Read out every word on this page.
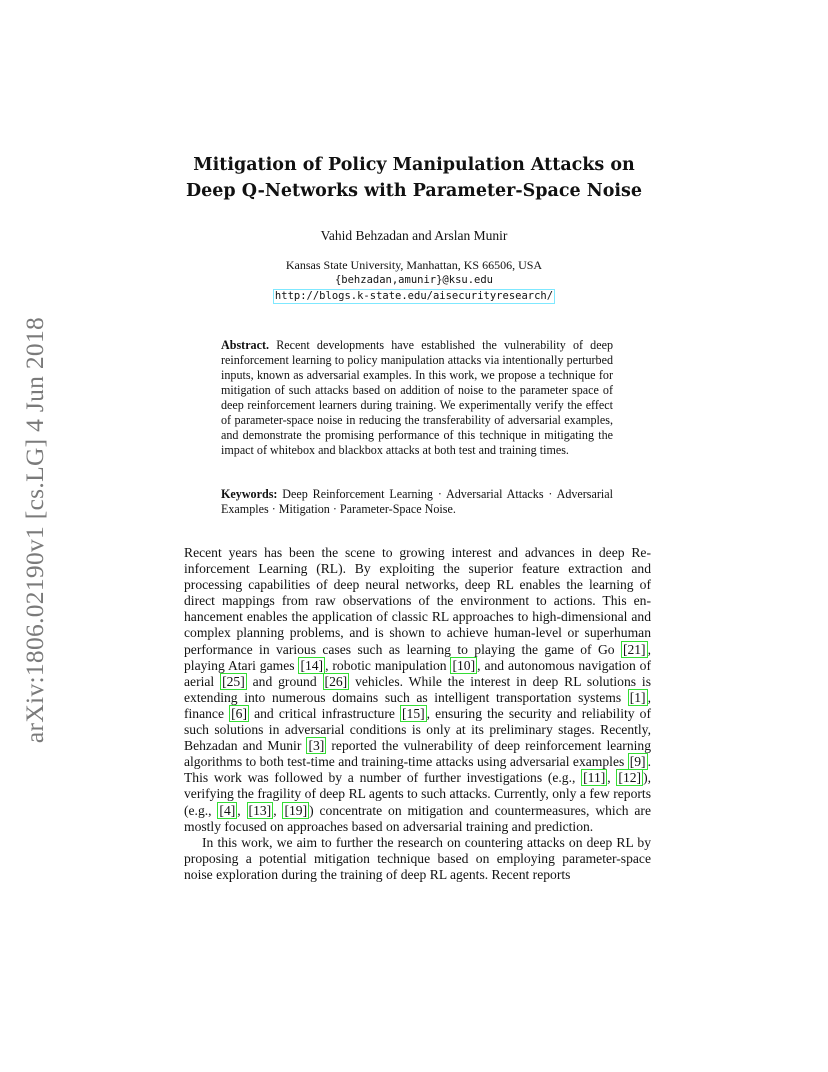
arXiv:1806.02190v1 [cs.LG] 4 Jun 2018
Mitigation of Policy Manipulation Attacks on
Deep Q-Networks with Parameter-Space Noise
Vahid Behzadan and Arslan Munir
Kansas State University, Manhattan, KS 66506, USA
{behzadan,amunir}@ksu.edu
http://blogs.k-state.edu/aisecurityresearch/
Abstract. Recent developments have established the vulnerability of deep reinforcement learning to policy manipulation attacks via intentionally perturbed inputs, known as adversarial examples. In this work, we propose a technique for mitigation of such attacks based on addition of noise to the parameter space of deep reinforcement learners during training. We experimentally verify the effect of parameter-space noise in reducing the transferability of adversarial examples, and demonstrate the promising performance of this technique in mitigating the impact of whitebox and blackbox attacks at both test and training times.
Keywords: Deep Reinforcement Learning · Adversarial Attacks · Adversarial Examples · Mitigation · Parameter-Space Noise.

Recent years has been the scene to growing interest and advances in deep Reinforcement Learning (RL). By exploiting the superior feature extraction and processing capabilities of deep neural networks, deep RL enables the learning of direct mappings from raw observations of the environment to actions. This enhancement enables the application of classic RL approaches to high-dimensional and complex planning problems, and is shown to achieve human-level or superhuman performance in various cases such as learning to playing the game of Go [21] , playing Atari games [14] , robotic manipulation [10] , and autonomous navigation of aerial [25] and ground [26] vehicles. While the interest in deep RL solutions is extending into numerous domains such as intelligent transportation systems [1] , finance [6] and critical infrastructure [15] , ensuring the security and reliability of such solutions in adversarial conditions is only at its preliminary stages. Recently, Behzadan and Munir [3] reported the vulnerability of deep reinforcement learning algorithms to both test-time and training-time attacks using adversarial examples [9] . This work was followed by a number of further investigations (e.g., [11] , [12] ), verifying the fragility of deep RL agents to such attacks. Currently, only a few reports (e.g., [4] , [13] , [19] ) concentrate on mitigation and countermeasures, which are mostly focused on approaches based on adversarial training and prediction.

In this work, we aim to further the research on countering attacks on deep RL by proposing a potential mitigation technique based on employing parameter-space noise exploration during the training of deep RL agents. Recent reports
